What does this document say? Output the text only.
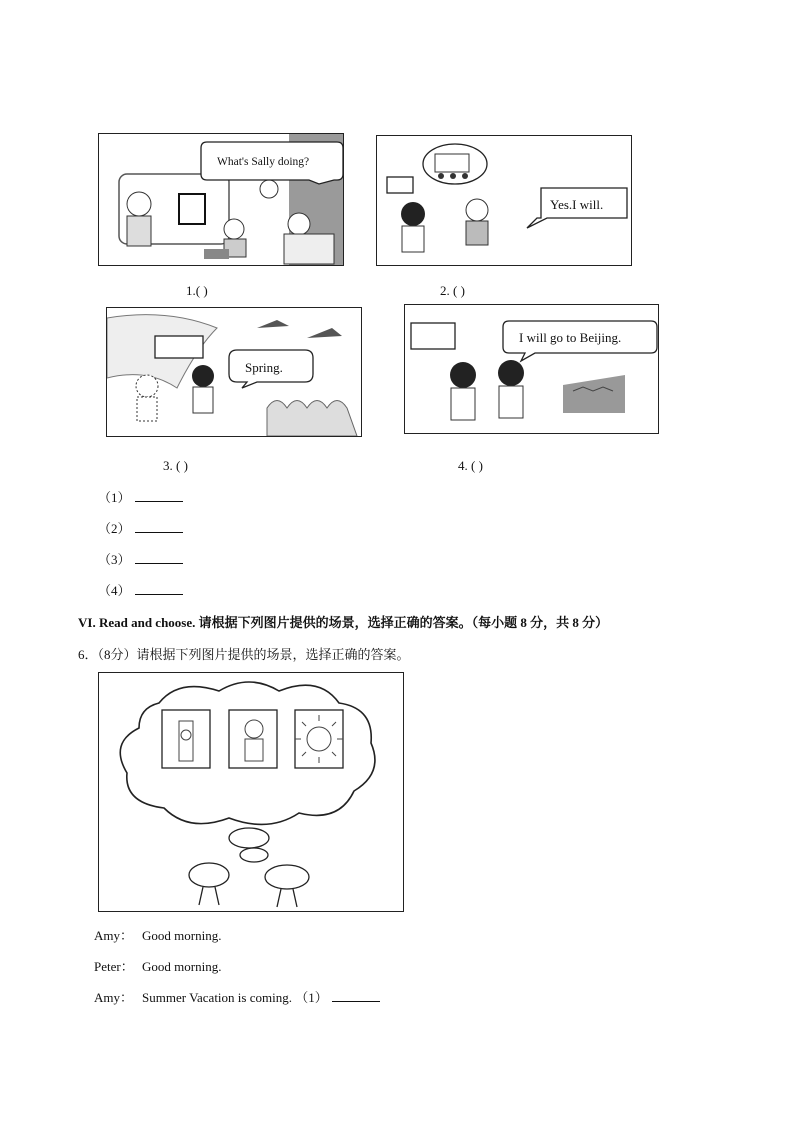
What's Sally doing?
Yes.I will.
1.( )	2. ( )
Spring.
I will go to Beijing.
3. ( )	4. ( )
（1）
（2）
（3）
（4）
VI. Read and choose. 请根据下列图片提供的场景，选择正确的答案。（每小题 8 分，共 8 分）
6．（8分）请根据下列图片提供的场景，选择正确的答案。
Amy： Good morning.
Peter： Good morning.
Amy： Summer Vacation is coming. （1）
